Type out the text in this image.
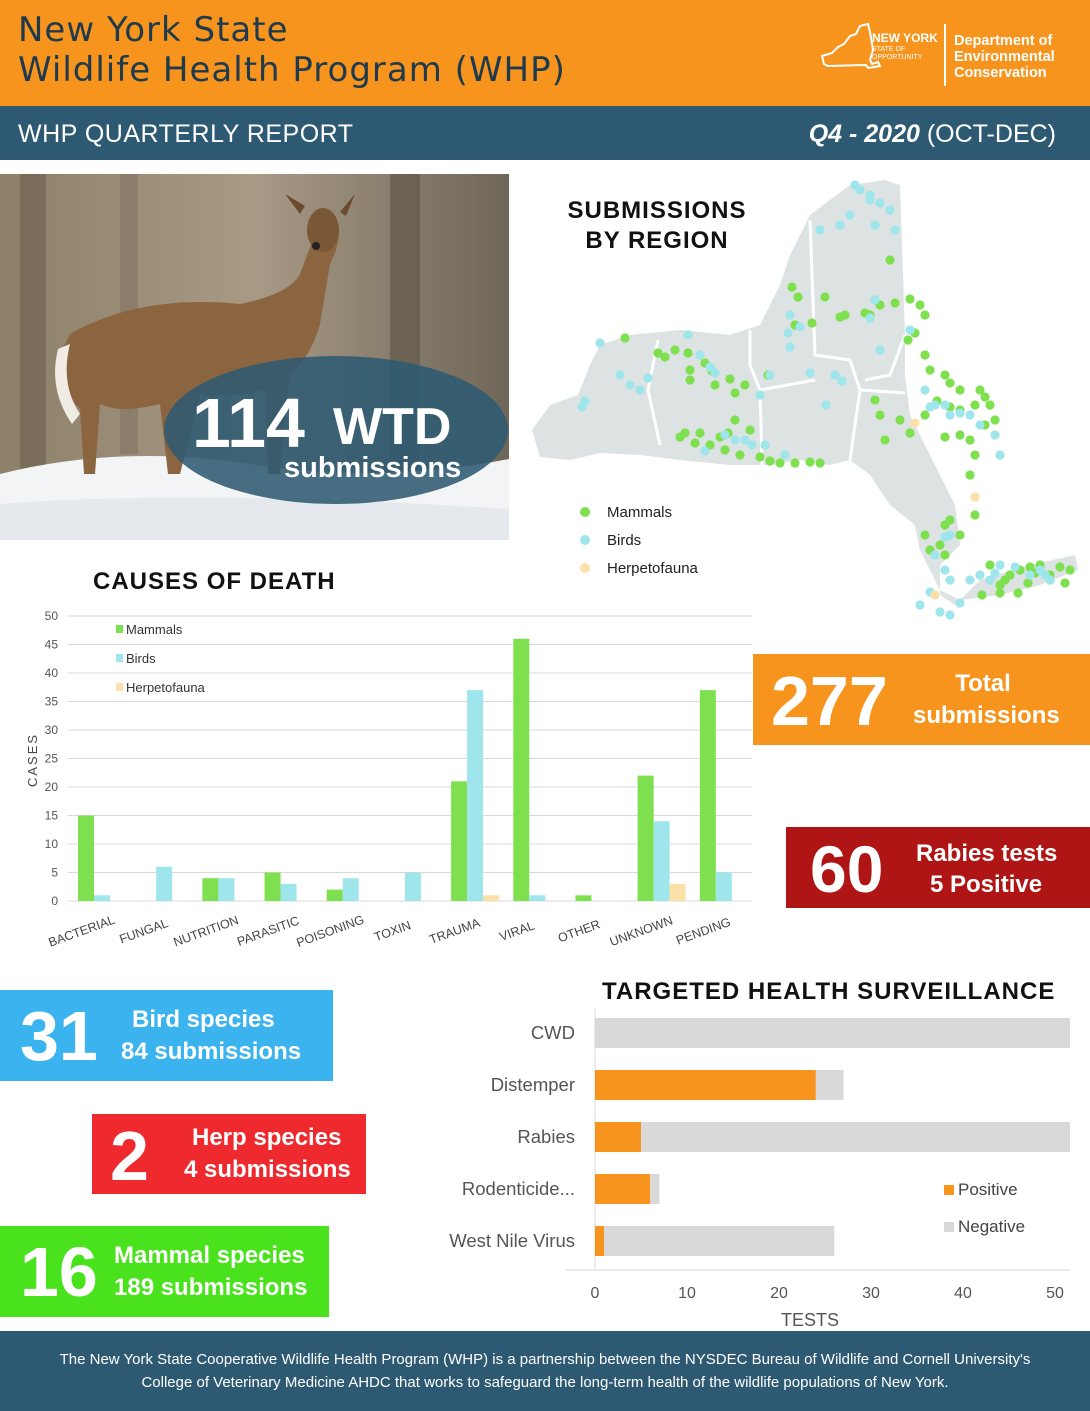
New York State
Wildlife Health Program (WHP)
NEW YORK
STATE OF
OPPORTUNITY
Department of
Environmental
Conservation
WHP QUARTERLY REPORT	Q4 - 2020 (OCT-DEC)
114 WTD
submissions
SUBMISSIONS
BY REGION
Mammals
Birds
Herpetofauna
CAUSES OF DEATH
0
5
10
15
20
25
30
35
40
45
50
CASES
BACTERIAL FUNGAL NUTRITION
PARASITIC
POISONING TOXIN TRAUMA VIRAL OTHER UNKNOWN PENDING
Mammals
Birds
Herpetofauna	277	Total
submissions
60 Rabies tests
5 Positive
31 Bird species
84 submissions
2 Herp species
4 submissions
16 Mammal species
189 submissions
TARGETED HEALTH SURVEILLANCE
0	10	20	30	40	50
TESTS
CWD
Distemper
Rabies
Rodenticide...
West Nile Virus
Positive
Negative
The New York State Cooperative Wildlife Health Program (WHP) is a partnership between the NYSDEC Bureau of Wildlife and Cornell University's
College of Veterinary Medicine AHDC that works to safeguard the long-term health of the wildlife populations of New York.
